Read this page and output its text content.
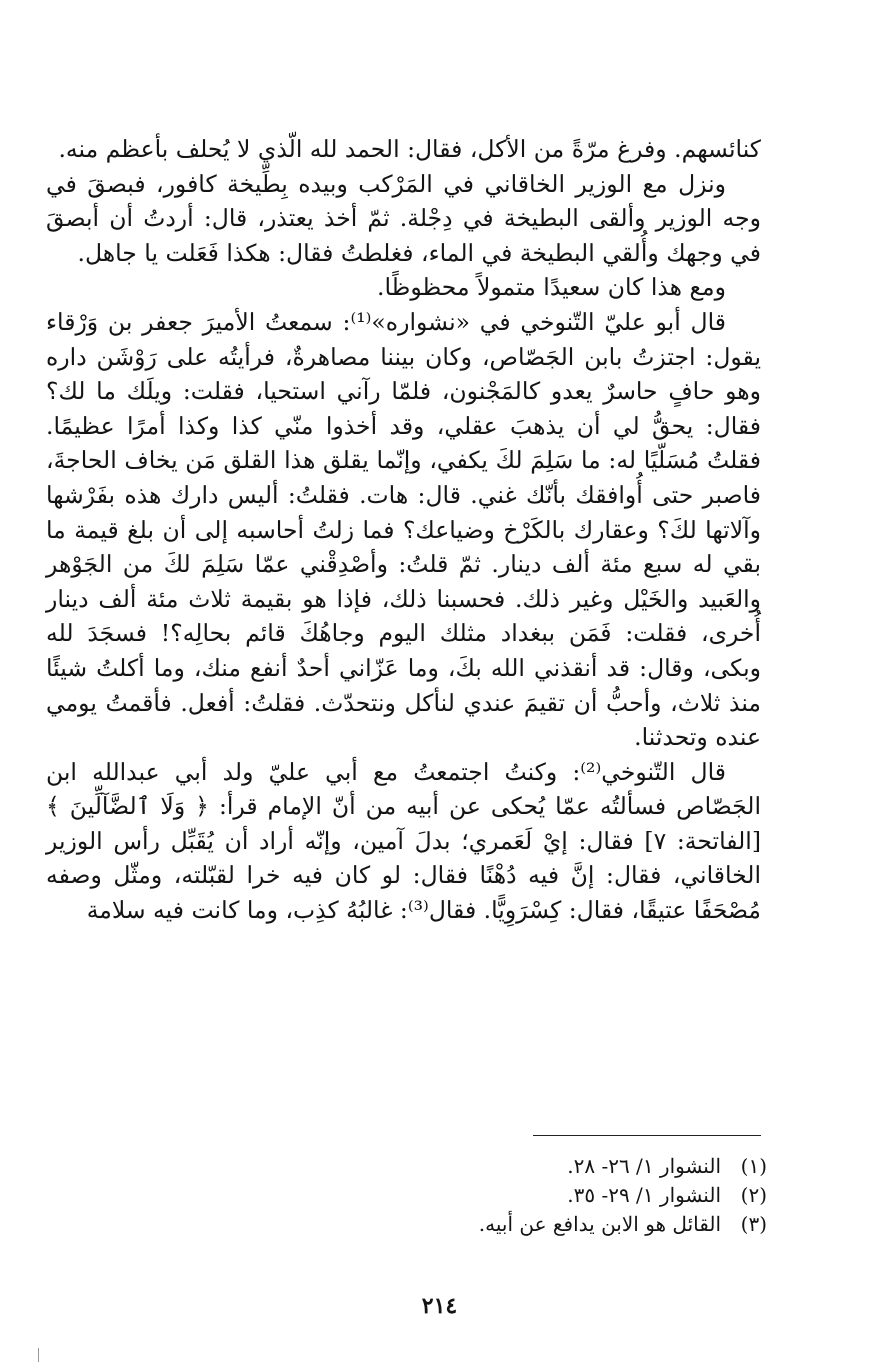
كنائسهم. وفرغ مرّةً من الأكل، فقال: الحمد لله الّذي لا يُحلف بأعظم منه.

ونزل مع الوزير الخاقاني في المَرْكب وبيده بِطِّيخة كافور، فبصقَ في وجه الوزير وألقى البطيخة في دِجْلة. ثمّ أخذ يعتذر، قال: أردتُ أن أبصقَ في وجهك وأُلقي البطيخة في الماء، فغلطتُ فقال: هكذا فَعَلت يا جاهل.

ومع هذا كان سعيدًا متمولاً محظوظًا.

قال أبو عليّ التّنوخي في «نشواره»⁽¹⁾: سمعتُ الأميرَ جعفر بن وَرْقاء يقول: اجتزتُ بابن الجَصّاص، وكان بيننا مصاهرةٌ، فرأيتُه على رَوْشَن داره وهو حافٍ حاسرٌ يعدو كالمَجْنون، فلمّا رآني استحيا، فقلت: ويلَك ما لك؟ فقال: يحقُّ لي أن يذهبَ عقلي، وقد أخذوا منّي كذا وكذا أمرًا عظيمًا. فقلتُ مُسَلّيًا له: ما سَلِمَ لكَ يكفي، وإنّما يقلق هذا القلق مَن يخاف الحاجةَ، فاصبر حتى أُوافقك بأنّك غني. قال: هات. فقلتُ: أليس دارك هذه بفَرْشها وآلاتها لكَ؟ وعقارك بالكَرْخ وضياعك؟ فما زلتُ أحاسبه إلى أن بلغ قيمة ما بقي له سبع مئة ألف دينار. ثمّ قلتُ: وأصْدِقْني عمّا سَلِمَ لكَ من الجَوْهر والعَبيد والخَيْل وغير ذلك. فحسبنا ذلك، فإذا هو بقيمة ثلاث مئة ألف دينار أُخرى، فقلت: فَمَن ببغداد مثلك اليوم وجاهُكَ قائم بحالِه؟! فسجَدَ لله وبكى، وقال: قد أنقذني الله بكَ، وما عَزّاني أحدٌ أنفع منك، وما أكلتُ شيئًا منذ ثلاث، وأحبُّ أن تقيمَ عندي لنأكل ونتحدّث. فقلتُ: أفعل. فأقمتُ يومي عنده وتحدثنا.

قال التّنوخي⁽²⁾: وكنتُ اجتمعتُ مع أبي عليّ ولد أبي عبدالله ابن الجَصّاص فسألتُه عمّا يُحكى عن أبيه من أنّ الإمام قرأ: ﴿ وَلَا ٱلضَّآلِّينَ ﴾ [الفاتحة: ٧] فقال: إيْ لَعَمري؛ بدلَ آمين، وإنّه أراد أن يُقَبِّل رأس الوزير الخاقاني، فقال: إنَّ فيه دُهْنًا فقال: لو كان فيه خرا لقبّلته، ومثّل وصفه مُصْحَفًا عتيقًا، فقال: كِسْرَوِيًّا. فقال⁽³⁾: غالبُهُ كذِب، وما كانت فيه سلامة

(١)
النشوار ١/ ٢٦- ٢٨.
(٢)
النشوار ١/ ٢٩- ٣٥.
(٣)
القائل هو الابن يدافع عن أبيه.
٢١٤
